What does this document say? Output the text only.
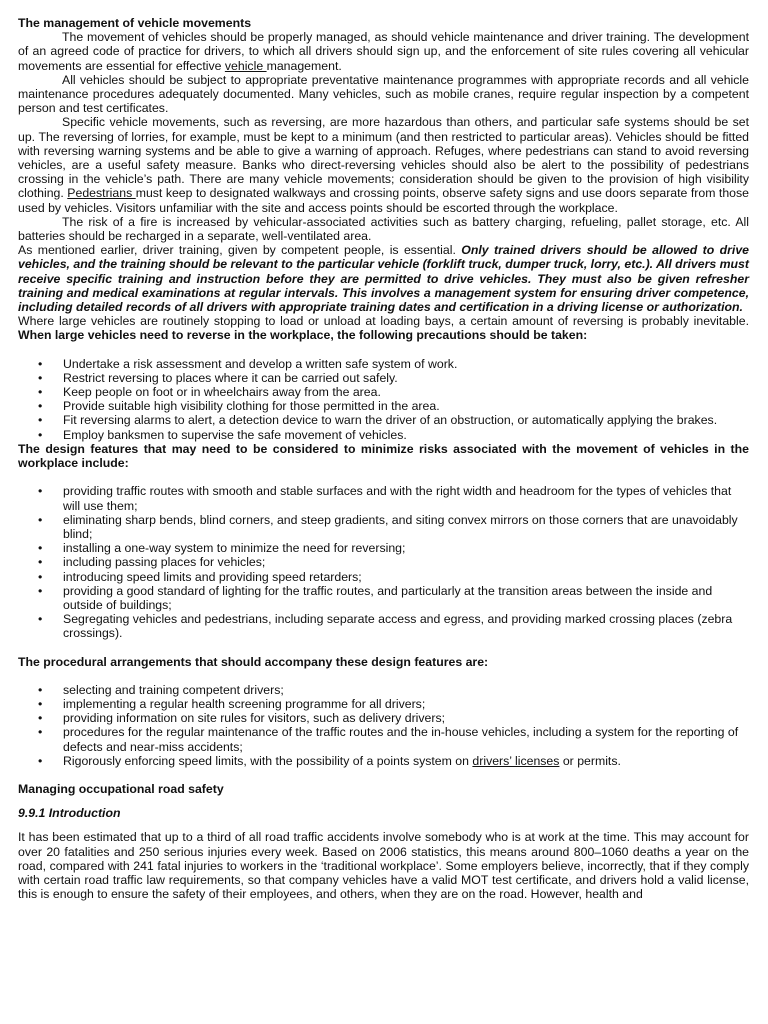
The management of vehicle movements

The movement of vehicles should be properly managed, as should vehicle maintenance and driver training. The development of an agreed code of practice for drivers, to which all drivers should sign up, and the enforcement of site rules covering all vehicular movements are essential for effective vehicle management.

All vehicles should be subject to appropriate preventative maintenance programmes with appropriate records and all vehicle maintenance procedures adequately documented. Many vehicles, such as mobile cranes, require regular inspection by a competent person and test certificates.

Specific vehicle movements, such as reversing, are more hazardous than others, and particular safe systems should be set up. The reversing of lorries, for example, must be kept to a minimum (and then restricted to particular areas). Vehicles should be fitted with reversing warning systems and be able to give a warning of approach. Refuges, where pedestrians can stand to avoid reversing vehicles, are a useful safety measure. Banks who direct-reversing vehicles should also be alert to the possibility of pedestrians crossing in the vehicle’s path. There are many vehicle movements; consideration should be given to the provision of high visibility clothing. Pedestrians must keep to designated walkways and crossing points, observe safety signs and use doors separate from those used by vehicles. Visitors unfamiliar with the site and access points should be escorted through the workplace.

The risk of a fire is increased by vehicular-associated activities such as battery charging, refueling, pallet storage, etc. All batteries should be recharged in a separate, well-ventilated area.

As mentioned earlier, driver training, given by competent people, is essential. Only trained drivers should be allowed to drive vehicles, and the training should be relevant to the particular vehicle (forklift truck, dumper truck, lorry, etc.). All drivers must receive specific training and instruction before they are permitted to drive vehicles. They must also be given refresher training and medical examinations at regular intervals. This involves a management system for ensuring driver competence, including detailed records of all drivers with appropriate training dates and certification in a driving license or authorization.

Where large vehicles are routinely stopping to load or unload at loading bays, a certain amount of reversing is probably inevitable. When large vehicles need to reverse in the workplace, the following precautions should be taken:

• Undertake a risk assessment and develop a written safe system of work.
• Restrict reversing to places where it can be carried out safely.
• Keep people on foot or in wheelchairs away from the area.
• Provide suitable high visibility clothing for those permitted in the area.
• Fit reversing alarms to alert, a detection device to warn the driver of an obstruction, or automatically applying the brakes.
• Employ banksmen to supervise the safe movement of vehicles.

The design features that may need to be considered to minimize risks associated with the movement of vehicles in the workplace include:

• providing traffic routes with smooth and stable surfaces and with the right width and headroom for the types of vehicles that will use them;
• eliminating sharp bends, blind corners, and steep gradients, and siting convex mirrors on those corners that are unavoidably blind;
• installing a one-way system to minimize the need for reversing;
• including passing places for vehicles;
• introducing speed limits and providing speed retarders;
• providing a good standard of lighting for the traffic routes, and particularly at the transition areas between the inside and outside of buildings;
• Segregating vehicles and pedestrians, including separate access and egress, and providing marked crossing places (zebra crossings).

The procedural arrangements that should accompany these design features are:

• selecting and training competent drivers;
• implementing a regular health screening programme for all drivers;
• providing information on site rules for visitors, such as delivery drivers;
• procedures for the regular maintenance of the traffic routes and the in-house vehicles, including a system for the reporting of defects and near-miss accidents;
• Rigorously enforcing speed limits, with the possibility of a points system on drivers’ licenses or permits.

Managing occupational road safety

9.9.1 Introduction

It has been estimated that up to a third of all road traffic accidents involve somebody who is at work at the time. This may account for over 20 fatalities and 250 serious injuries every week. Based on 2006 statistics, this means around 800–1060 deaths a year on the road, compared with 241 fatal injuries to workers in the ‘traditional workplace’. Some employers believe, incorrectly, that if they comply with certain road traffic law requirements, so that company vehicles have a valid MOT test certificate, and drivers hold a valid license, this is enough to ensure the safety of their employees, and others, when they are on the road. However, health and
